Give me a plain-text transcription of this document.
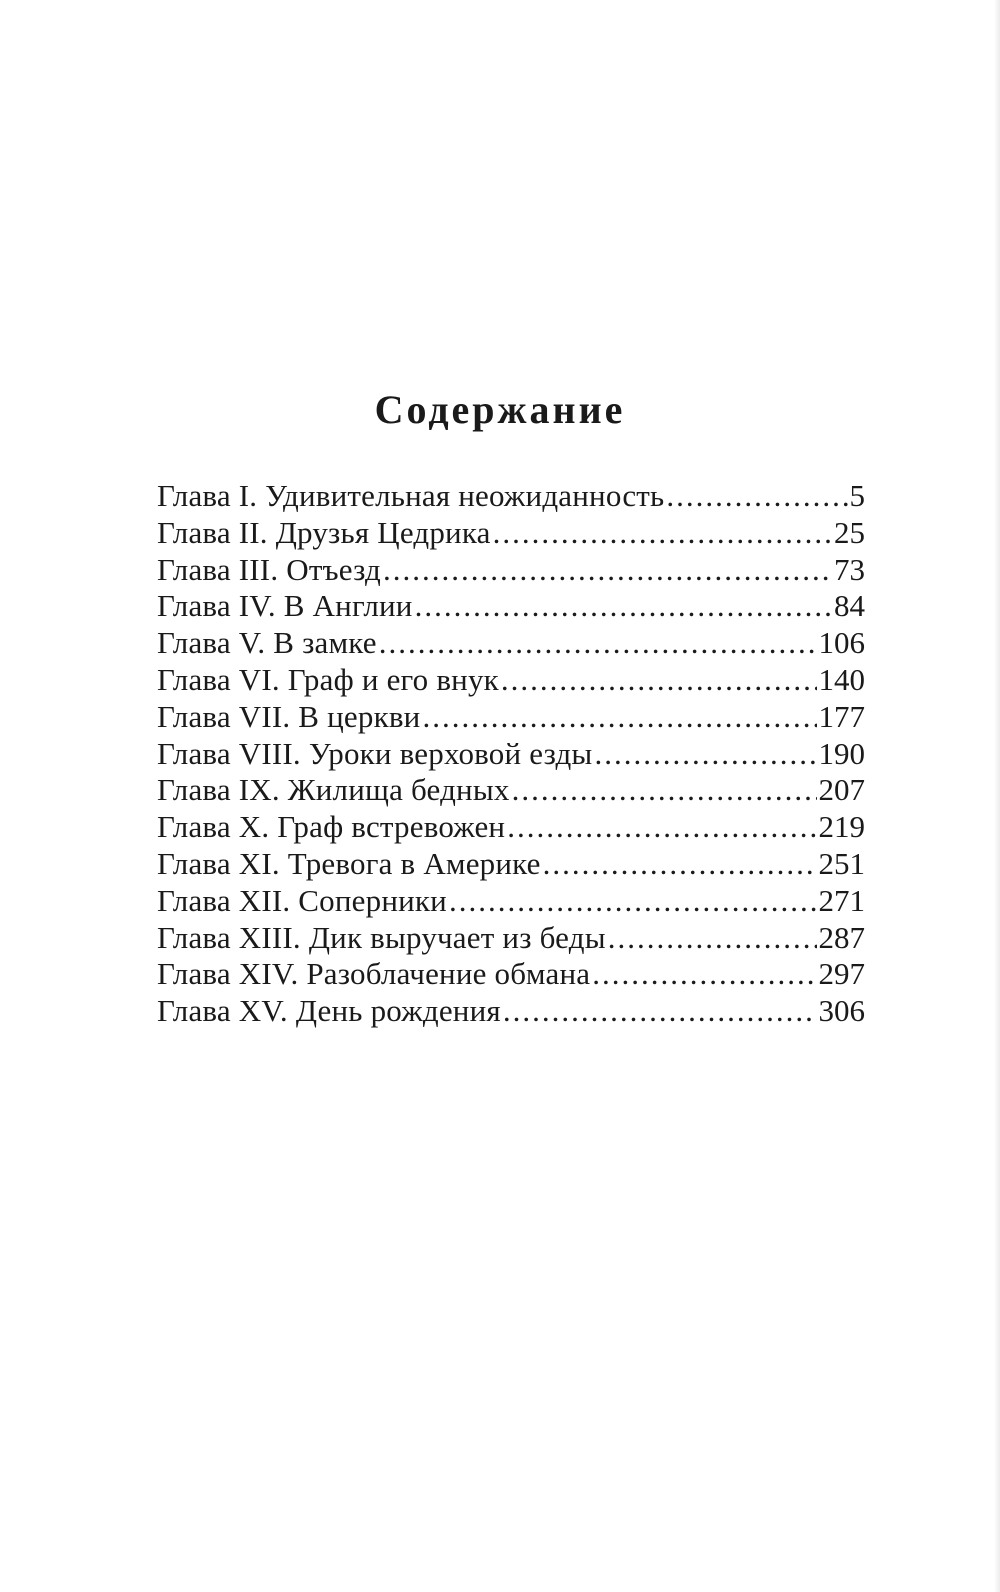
Содержание
Глава I. Удивительная неожиданность .....	5
Глава II. Друзья Цедрика .....	25
Глава III. Отъезд .....	73
Глава IV. В Англии .....	84
Глава V. В замке .....	106
Глава VI. Граф и его внук .....	140
Глава VII. В церкви .....	177
Глава VIII. Уроки верховой езды .....	190
Глава IX. Жилища бедных .....	207
Глава X. Граф встревожен .....	219
Глава XI. Тревога в Америке .....	251
Глава XII. Соперники .....	271
Глава XIII. Дик выручает из беды .....	287
Глава XIV. Разоблачение обмана .....	297
Глава XV. День рождения .....	306
